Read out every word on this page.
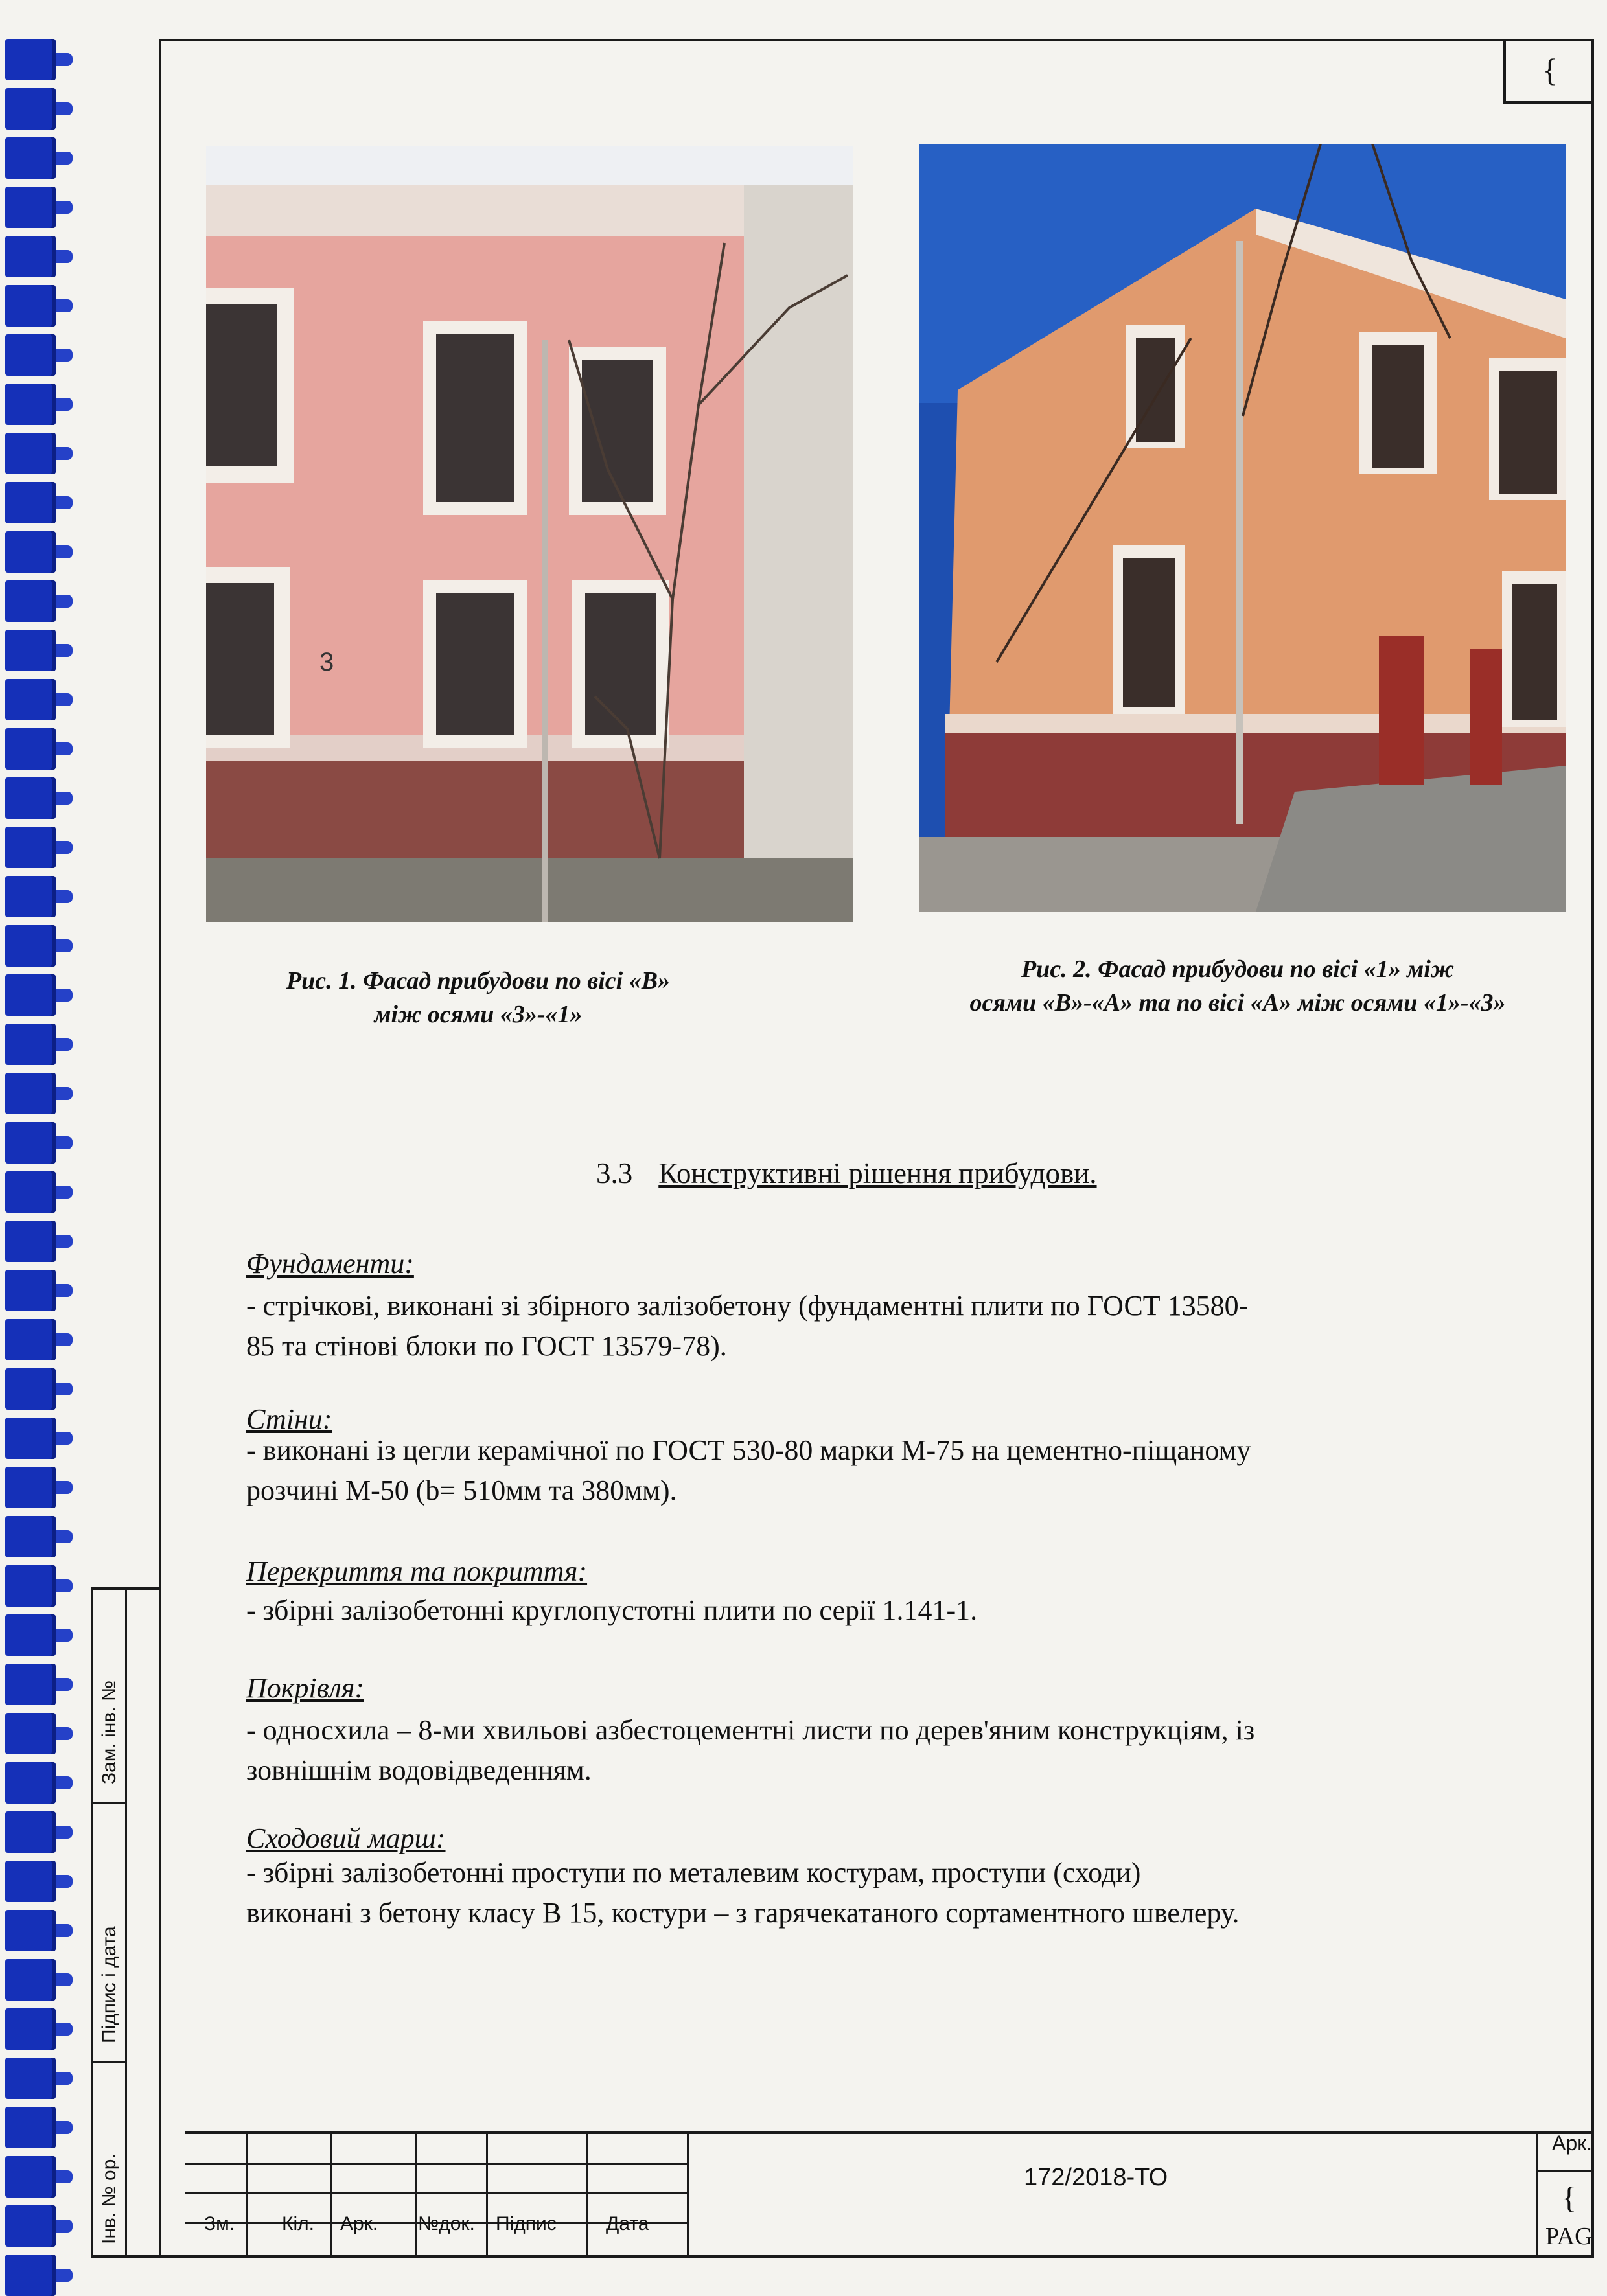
{
3
Рис. 1. Фасад прибудови по вісі «В»
між осями «3»-«1»
Рис. 2. Фасад прибудови по вісі «1» між
осями «В»-«А» та по вісі «А» між осями «1»-«3»
3.3 Конструктивні рішення прибудови.
Фундаменти:
- стрічкові, виконані зі збірного залізобетону (фундаментні плити по ГОСТ 13580-
85 та стінові блоки по ГОСТ 13579-78).
Стіни:
- виконані із цегли керамічної по ГОСТ 530-80 марки М-75 на цементно-піщаному
розчині М-50 (b= 510мм та 380мм).
Перекриття та покриття:
- збірні залізобетонні круглопустотні плити по серії 1.141-1.
Покрівля:
- односхила – 8-ми хвильові азбестоцементні листи по дерев'яним конструкціям, із
зовнішнім водовідведенням.
Сходовий марш:
- збірні залізобетонні проступи по металевим костурам, проступи (сходи)
виконані з бетону класу В 15, костури – з гарячекатаного сортаментного швелеру.
Зам. інв. №
Підпис і дата
Інв. № ор.	Зм. Кіл. Арк. №док. Підпис	Дата
172/2018-ТО
Арк.
{
PAG
